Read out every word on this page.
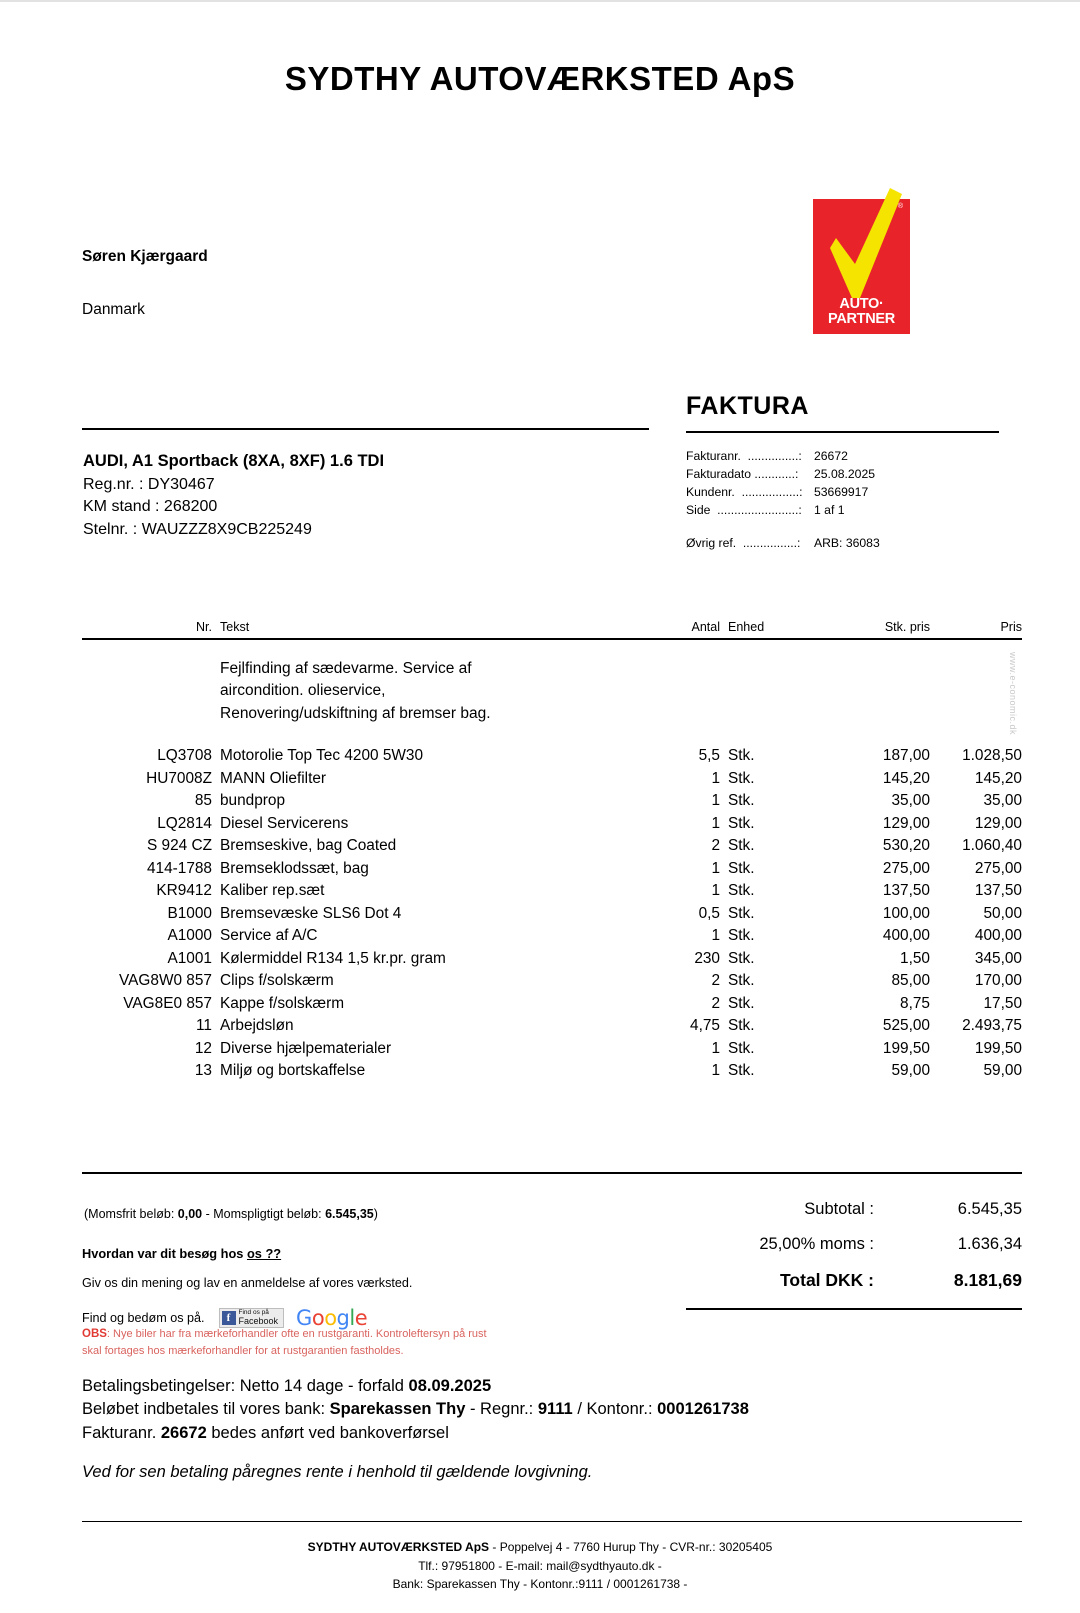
SYDTHY AUTOVÆRKSTED ApS
Søren Kjærgaard
Danmark
®
AUTO·
PARTNER
FAKTURA
Fakturanr.  ...............: 26672
Fakturadato ............:	25.08.2025
Kundenr.  .................: 53669917
Side  ........................: 1 af 1
Øvrig ref.  ................:	ARB: 36083
AUDI, A1 Sportback (8XA, 8XF) 1.6 TDI
Reg.nr. : DY30467
KM stand : 268200
Stelnr. : WAUZZZ8X9CB225249
Nr. Tekst	Antal Enhed	Stk. pris	Pris
Fejlfinding af sædevarme. Service af
aircondition. olieservice,
Renovering/udskiftning af bremser bag.
LQ3708 Motorolie Top Tec 4200 5W30	5,5 Stk.	187,00	1.028,50
HU7008Z MANN Oliefilter	1 Stk.	145,20	145,20
85 bundprop	1 Stk.	35,00	35,00
LQ2814 Diesel Servicerens	1 Stk.	129,00	129,00
S 924 CZ Bremseskive, bag Coated	2 Stk.	530,20	1.060,40
414-1788 Bremseklodssæt, bag	1 Stk.	275,00	275,00
KR9412 Kaliber rep.sæt	1 Stk.	137,50	137,50
B1000 Bremsevæske SLS6 Dot 4	0,5 Stk.	100,00	50,00
A1000 Service af A/C	1 Stk.	400,00	400,00
A1001 Kølermiddel R134 1,5 kr.pr. gram	230 Stk.	1,50	345,00
VAG8W0 857 Clips f/solskærm	2 Stk.	85,00	170,00
VAG8E0 857 Kappe f/solskærm	2 Stk.	8,75	17,50
11 Arbejdsløn	4,75 Stk.	525,00	2.493,75
12 Diverse hjælpematerialer	1 Stk.	199,50	199,50
13 Miljø og bortskaffelse	1 Stk.	59,00	59,00
www.e-conomic.dk
(Momsfrit beløb: 0,00 - Momspligtigt beløb: 6.545,35)
Hvordan var dit besøg hos os ??
Giv os din mening og lav en anmeldelse af vores værksted.
Find og bedøm os på.	f	Find os på
Facebook Google
OBS: Nye biler har fra mærkeforhandler ofte en rustgaranti. Kontroleftersyn på rust
skal fortages hos mærkeforhandler for at rustgarantien fastholdes.
Subtotal :	6.545,35
25,00% moms :	1.636,34
Total DKK :	8.181,69
Betalingsbetingelser: Netto 14 dage - forfald 08.09.2025
Beløbet indbetales til vores bank: Sparekassen Thy - Regnr.: 9111 / Kontonr.: 0001261738
Fakturanr. 26672 bedes anført ved bankoverførsel
Ved for sen betaling påregnes rente i henhold til gældende lovgivning.
SYDTHY AUTOVÆRKSTED ApS - Poppelvej 4 - 7760 Hurup Thy - CVR-nr.: 30205405
Tlf.: 97951800 - E-mail: mail@sydthyauto.dk -
Bank: Sparekassen Thy - Kontonr.:9111 / 0001261738 -
